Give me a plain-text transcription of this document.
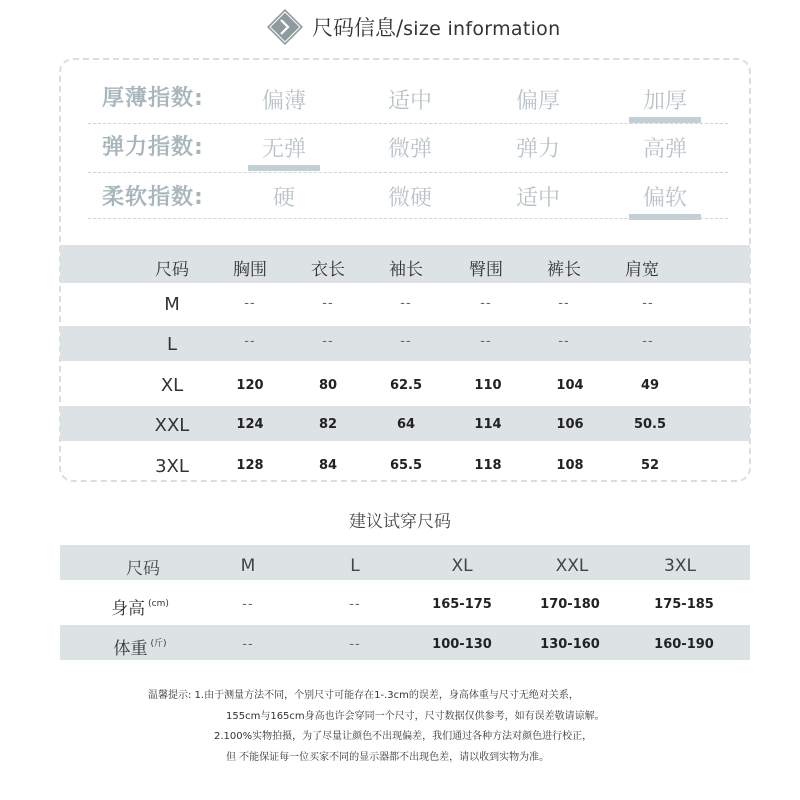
尺码信息/size information
厚薄指数:	偏薄	适中	偏厚	加厚
弹力指数:	无弹	微弹	弹力	高弹
柔软指数:	硬	微硬	适中	偏软
尺码	胸围	衣长	袖长	臀围	裤长	肩宽
M	--	--	--	--	--	--
L	--	--	--	--	--	--
XL	120	80	62.5	110	104	49
XXL	124	82	64	114	106	50.5
3XL	128	84	65.5	118	108	52
建议试穿尺码
尺码	M	L	XL	XXL	3XL
身高 $^{(cm)}$	--	--	165-175	170-180	175-185
体重 $^{(斤)}$	--	--	100-130	130-160	160-190
温馨提示: 1.由于测量方法不同，个别尺寸可能存在1-.3cm的误差，身高体重与尺寸无绝对关系，
155cm与165cm身高也许会穿同一个尺寸，尺寸数据仅供参考，如有误差敬请谅解。
2.100%实物拍摄，为了尽量让颜色不出现偏差，我们通过各种方法对颜色进行校正，
但 不能保证每一位买家不同的显示器都不出现色差，请以收到实物为准。
